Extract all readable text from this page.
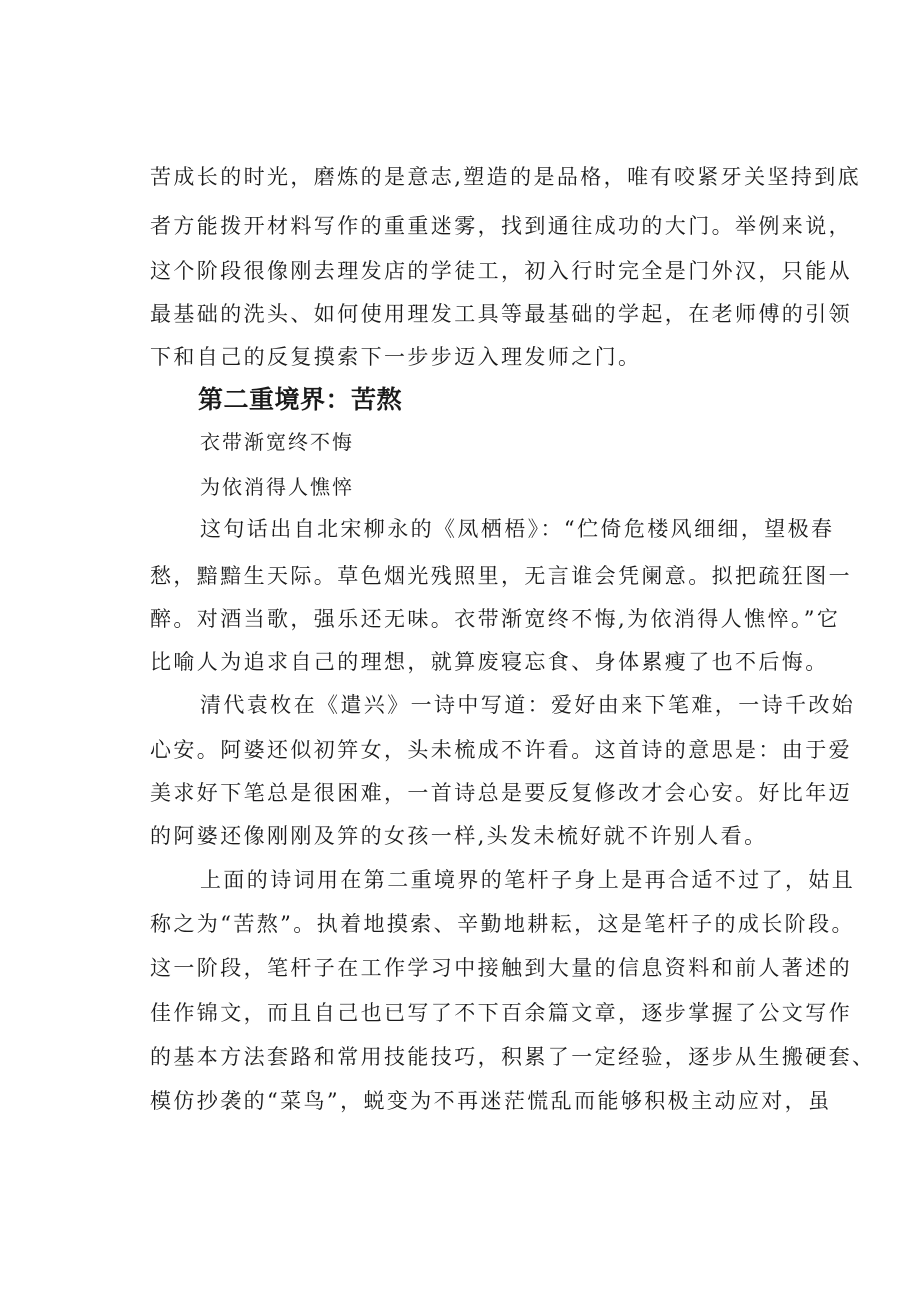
苦成长的时光，磨炼的是意志,塑造的是品格，唯有咬紧牙关坚持到底
者方能拨开材料写作的重重迷雾，找到通往成功的大门。举例来说，
这个阶段很像刚去理发店的学徒工，初入行时完全是门外汉，只能从
最基础的洗头、如何使用理发工具等最基础的学起，在老师傅的引领
下和自己的反复摸索下一步步迈入理发师之门。
第二重境界：苦熬
衣带渐宽终不悔
为依消得人憔悴
这句话出自北宋柳永的《凤栖梧》：“伫倚危楼风细细，望极春
愁，黯黯生天际。草色烟光残照里，无言谁会凭阑意。拟把疏狂图一
醉。对酒当歌，强乐还无味。衣带渐宽终不悔,为依消得人憔悴。”它
比喻人为追求自己的理想，就算废寝忘食、身体累瘦了也不后悔。
清代袁枚在《遣兴》一诗中写道：爱好由来下笔难，一诗千改始
心安。阿婆还似初笄女，头未梳成不许看。这首诗的意思是：由于爱
美求好下笔总是很困难，一首诗总是要反复修改才会心安。好比年迈
的阿婆还像刚刚及笄的女孩一样,头发未梳好就不许别人看。
上面的诗词用在第二重境界的笔杆子身上是再合适不过了，姑且
称之为“苦熬”。执着地摸索、辛勤地耕耘，这是笔杆子的成长阶段。
这一阶段，笔杆子在工作学习中接触到大量的信息资料和前人著述的
佳作锦文，而且自己也已写了不下百余篇文章，逐步掌握了公文写作
的基本方法套路和常用技能技巧，积累了一定经验，逐步从生搬硬套、
模仿抄袭的“菜鸟”，蜕变为不再迷茫慌乱而能够积极主动应对，虽
